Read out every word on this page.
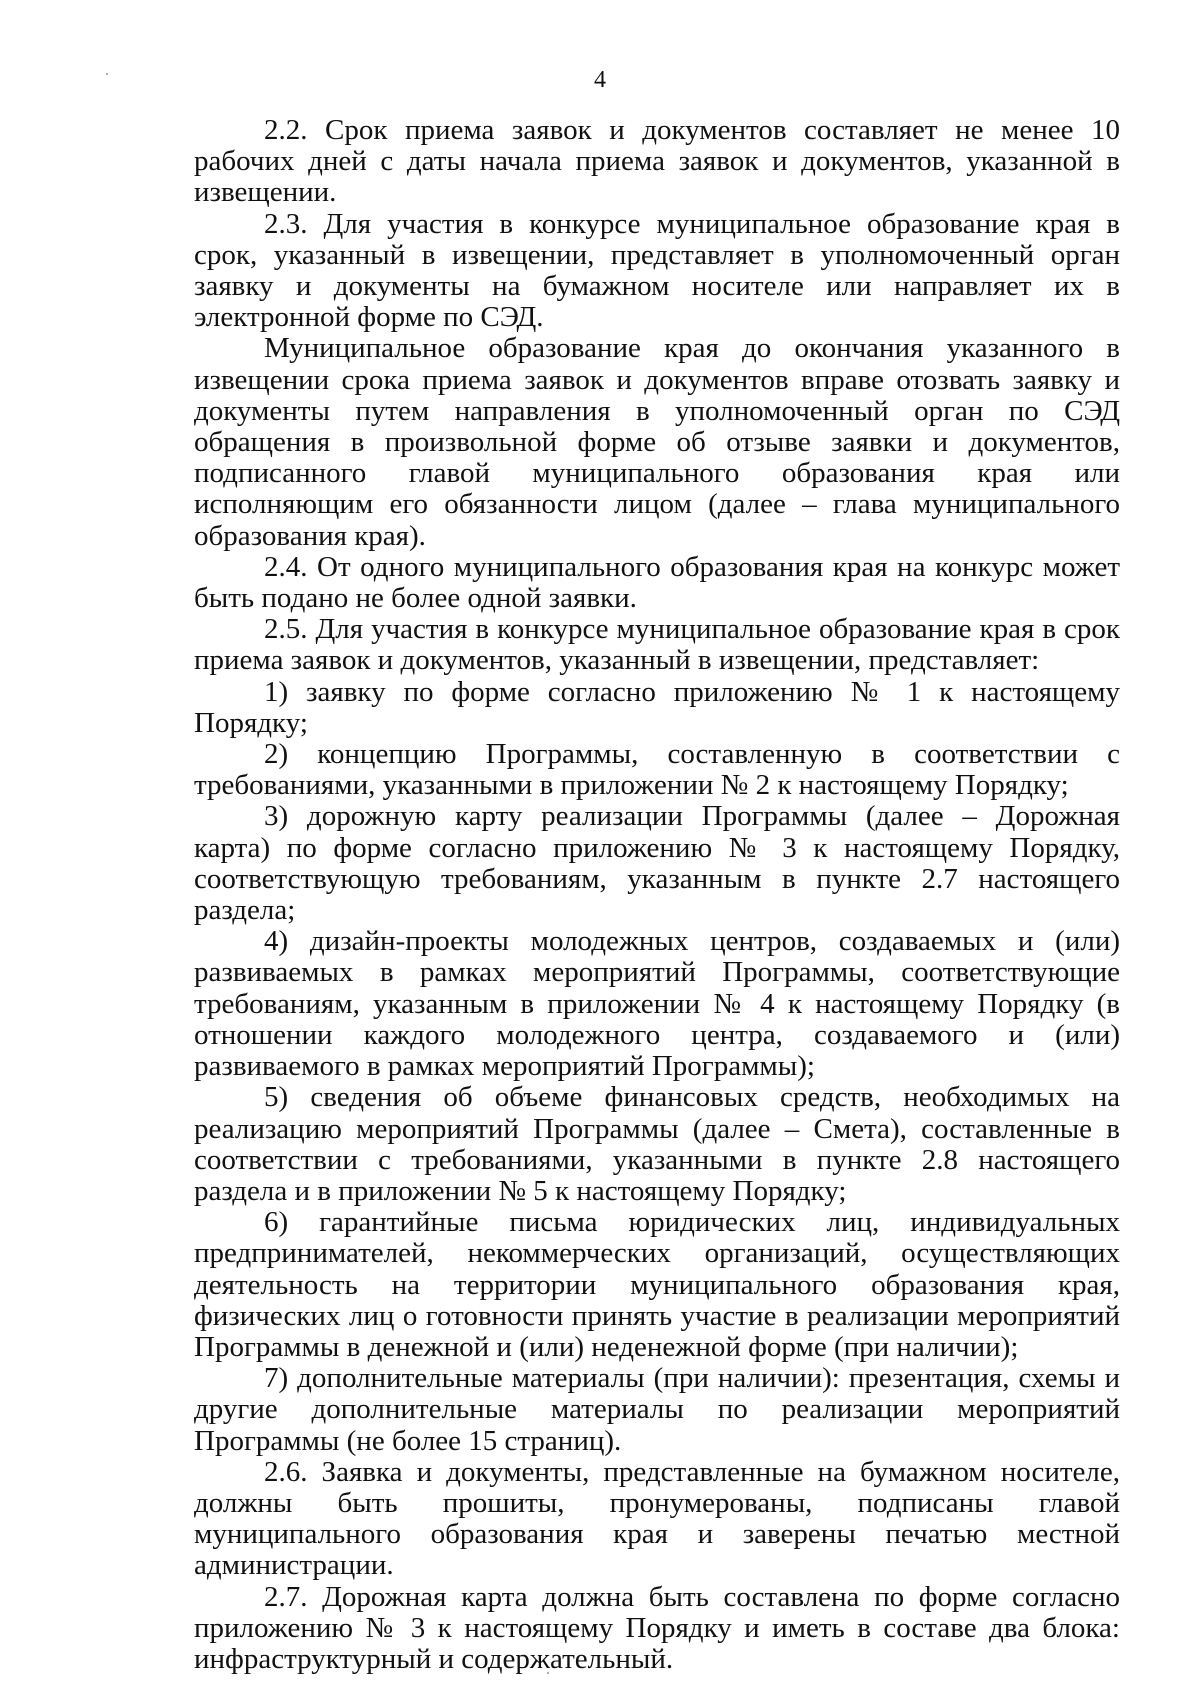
4

2.2. Срок приема заявок и документов составляет не менее 10 рабочих дней с даты начала приема заявок и документов, указанной в извещении.

2.3. Для участия в конкурсе муниципальное образование края в срок, указанный в извещении, представляет в уполномоченный орган заявку и документы на бумажном носителе или направляет их в электронной форме по СЭД.

Муниципальное образование края до окончания указанного в извещении срока приема заявок и документов вправе отозвать заявку и документы путем направления в уполномоченный орган по СЭД обращения в произвольной форме об отзыве заявки и документов, подписанного главой муниципального образования края или исполняющим его обязанности лицом (далее – глава муниципального образования края).

2.4. От одного муниципального образования края на конкурс может быть подано не более одной заявки.

2.5. Для участия в конкурсе муниципальное образование края в срок приема заявок и документов, указанный в извещении, представляет:

1) заявку по форме согласно приложению № 1 к настоящему Порядку;

2) концепцию Программы, составленную в соответствии с требованиями, указанными в приложении № 2 к настоящему Порядку;

3) дорожную карту реализации Программы (далее – Дорожная карта) по форме согласно приложению № 3 к настоящему Порядку, соответствующую требованиям, указанным в пункте 2.7 настоящего раздела;

4) дизайн-проекты молодежных центров, создаваемых и (или) развиваемых в рамках мероприятий Программы, соответствующие требованиям, указанным в приложении № 4 к настоящему Порядку (в отношении каждого молодежного центра, создаваемого и (или) развиваемого в рамках мероприятий Программы);

5) сведения об объеме финансовых средств, необходимых на реализацию мероприятий Программы (далее – Смета), составленные в соответствии с требованиями, указанными в пункте 2.8 настоящего раздела и в приложении № 5 к настоящему Порядку;

6) гарантийные письма юридических лиц, индивидуальных предпринимателей, некоммерческих организаций, осуществляющих деятельность на территории муниципального образования края, физических лиц о готовности принять участие в реализации мероприятий Программы в денежной и (или) неденежной форме (при наличии);

7) дополнительные материалы (при наличии): презентация, схемы и другие дополнительные материалы по реализации мероприятий Программы (не более 15 страниц).

2.6. Заявка и документы, представленные на бумажном носителе, должны быть прошиты, пронумерованы, подписаны главой муниципального образования края и заверены печатью местной администрации.

2.7. Дорожная карта должна быть составлена по форме согласно приложению № 3 к настоящему Порядку и иметь в составе два блока: инфраструктурный и содержательный.
